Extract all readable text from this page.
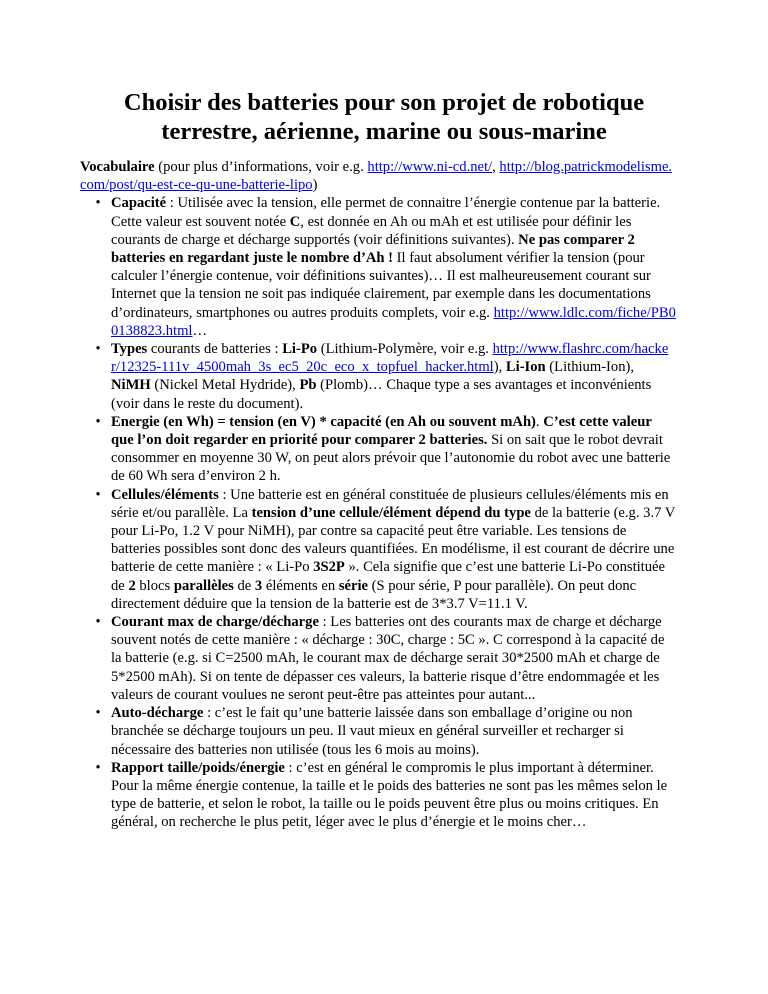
Choisir des batteries pour son projet de robotique
terrestre, aérienne, marine ou sous-marine

Vocabulaire (pour plus d’informations, voir e.g. http://www.ni-cd.net/, http://blog.patrickmodelisme.com/post/qu-est-ce-qu-une-batterie-lipo)

• Capacité : Utilisée avec la tension, elle permet de connaitre l’énergie contenue par la batterie. Cette valeur est souvent notée C, est donnée en Ah ou mAh et est utilisée pour définir les courants de charge et décharge supportés (voir définitions suivantes). Ne pas comparer 2 batteries en regardant juste le nombre d’Ah ! Il faut absolument vérifier la tension (pour calculer l’énergie contenue, voir définitions suivantes)… Il est malheureusement courant sur Internet que la tension ne soit pas indiquée clairement, par exemple dans les documentations d’ordinateurs, smartphones ou autres produits complets, voir e.g. http://www.ldlc.com/fiche/PB00138823.html…
• Types courants de batteries : Li-Po (Lithium-Polymère, voir e.g. http://www.flashrc.com/hacker/12325-111v_4500mah_3s_ec5_20c_eco_x_topfuel_hacker.html), Li-Ion (Lithium-Ion), NiMH (Nickel Metal Hydride), Pb (Plomb)… Chaque type a ses avantages et inconvénients (voir dans le reste du document).
• Energie (en Wh) = tension (en V) * capacité (en Ah ou souvent mAh). C’est cette valeur que l’on doit regarder en priorité pour comparer 2 batteries. Si on sait que le robot devrait consommer en moyenne 30 W, on peut alors prévoir que l’autonomie du robot avec une batterie de 60 Wh sera d’environ 2 h.
• Cellules/éléments : Une batterie est en général constituée de plusieurs cellules/éléments mis en série et/ou parallèle. La tension d’une cellule/élément dépend du type de la batterie (e.g. 3.7 V pour Li-Po, 1.2 V pour NiMH), par contre sa capacité peut être variable. Les tensions de batteries possibles sont donc des valeurs quantifiées. En modélisme, il est courant de décrire une batterie de cette manière : « Li-Po 3S2P ». Cela signifie que c’est une batterie Li-Po constituée de 2 blocs parallèles de 3 éléments en série (S pour série, P pour parallèle). On peut donc directement déduire que la tension de la batterie est de 3*3.7 V=11.1 V.
• Courant max de charge/décharge : Les batteries ont des courants max de charge et décharge souvent notés de cette manière : « décharge : 30C, charge : 5C ». C correspond à la capacité de la batterie (e.g. si C=2500 mAh, le courant max de décharge serait 30*2500 mAh et charge de 5*2500 mAh). Si on tente de dépasser ces valeurs, la batterie risque d’être endommagée et les valeurs de courant voulues ne seront peut-être pas atteintes pour autant...
• Auto-décharge : c’est le fait qu’une batterie laissée dans son emballage d’origine ou non branchée se décharge toujours un peu. Il vaut mieux en général surveiller et recharger si nécessaire des batteries non utilisée (tous les 6 mois au moins).
• Rapport taille/poids/énergie : c’est en général le compromis le plus important à déterminer. Pour la même énergie contenue, la taille et le poids des batteries ne sont pas les mêmes selon le type de batterie, et selon le robot, la taille ou le poids peuvent être plus ou moins critiques. En général, on recherche le plus petit, léger avec le plus d’énergie et le moins cher…
